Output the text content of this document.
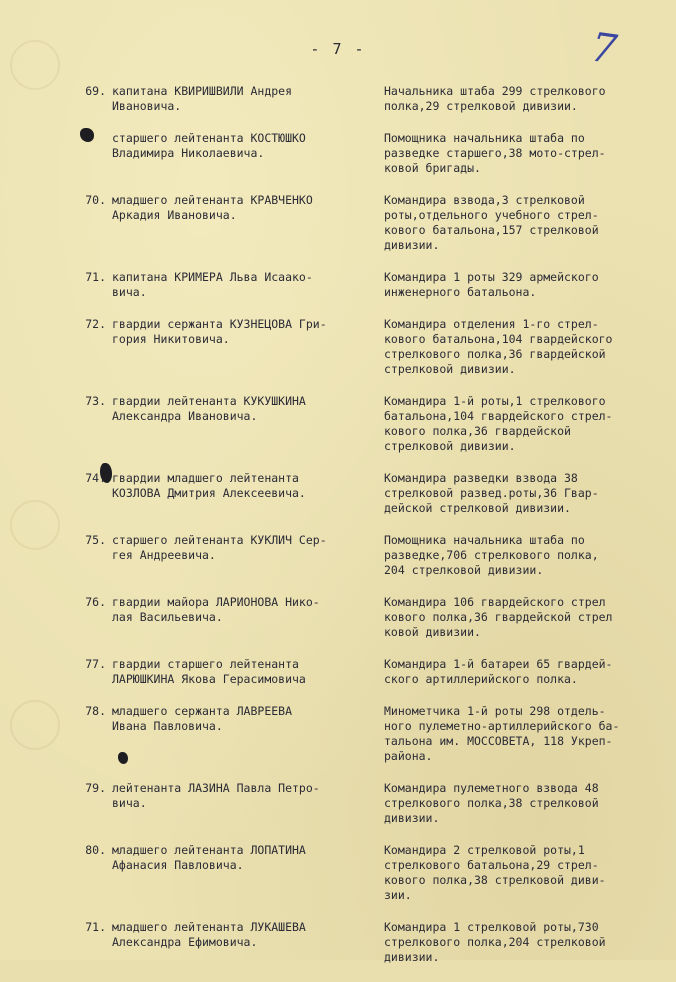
- 7 -	7
69. капитана КВИРИШВИЛИ Андрея
Ивановича.
Начальника штаба 299 стрелкового
полка,29 стрелковой дивизии.
старшего лейтенанта КОСТЮШКО
Владимира Николаевича.
Помощника начальника штаба по
разведке старшего,38 мото-стрел-
ковой бригады.
70. младшего лейтенанта КРАВЧЕНКО
Аркадия Ивановича.
Командира взвода,3 стрелковой
роты,отдельного учебного стрел-
кового батальона,157 стрелковой
дивизии.
71. капитана КРИМЕРА Льва Исаако-
вича.
Командира 1 роты 329 армейского
инженерного батальона.
72. гвардии сержанта КУЗНЕЦОВА Гри-
гория Никитовича.
Командира отделения 1-го стрел-
кового батальона,104 гвардейского
стрелкового полка,36 гвардейской
стрелковой дивизии.
73. гвардии лейтенанта КУКУШКИНА
Александра Ивановича.
Командира 1-й роты,1 стрелкового
батальона,104 гвардейского стрел-
кового полка,36 гвардейской
стрелковой дивизии.
74. гвардии младшего лейтенанта
КОЗЛОВА Дмитрия Алексеевича.
Командира разведки взвода 38
стрелковой развед.роты,36 Гвар-
дейской стрелковой дивизии.
75. старшего лейтенанта КУКЛИЧ Сер-
гея Андреевича.
Помощника начальника штаба по
разведке,706 стрелкового полка,
204 стрелковой дивизии.
76. гвардии майора ЛАРИОНОВА Нико-
лая Васильевича.
Командира 106 гвардейского стрел
кового полка,36 гвардейской стрел
ковой дивизии.
77. гвардии старшего лейтенанта
ЛАРЮШКИНА Якова Герасимовича
Командира 1-й батареи 65 гвардей-
ского артиллерийского полка.
78. младшего сержанта ЛАВРЕЕВА
Ивана Павловича.
Минометчика 1-й роты 298 отдель-
ного пулеметно-артиллерийского ба-
тальона им. МОССОВЕТА, 118 Укреп-
района.
79. лейтенанта ЛАЗИНА Павла Петро-
вича.
Командира пулеметного взвода 48
стрелкового полка,38 стрелковой
дивизии.
80. младшего лейтенанта ЛОПАТИНА
Афанасия Павловича.
Командира 2 стрелковой роты,1
стрелкового батальона,29 стрел-
кового полка,38 стрелковой диви-
зии.
71. младшего лейтенанта ЛУКАШЕВА
Александра Ефимовича.
Командира 1 стрелковой роты,730
стрелкового полка,204 стрелковой
дивизии.
